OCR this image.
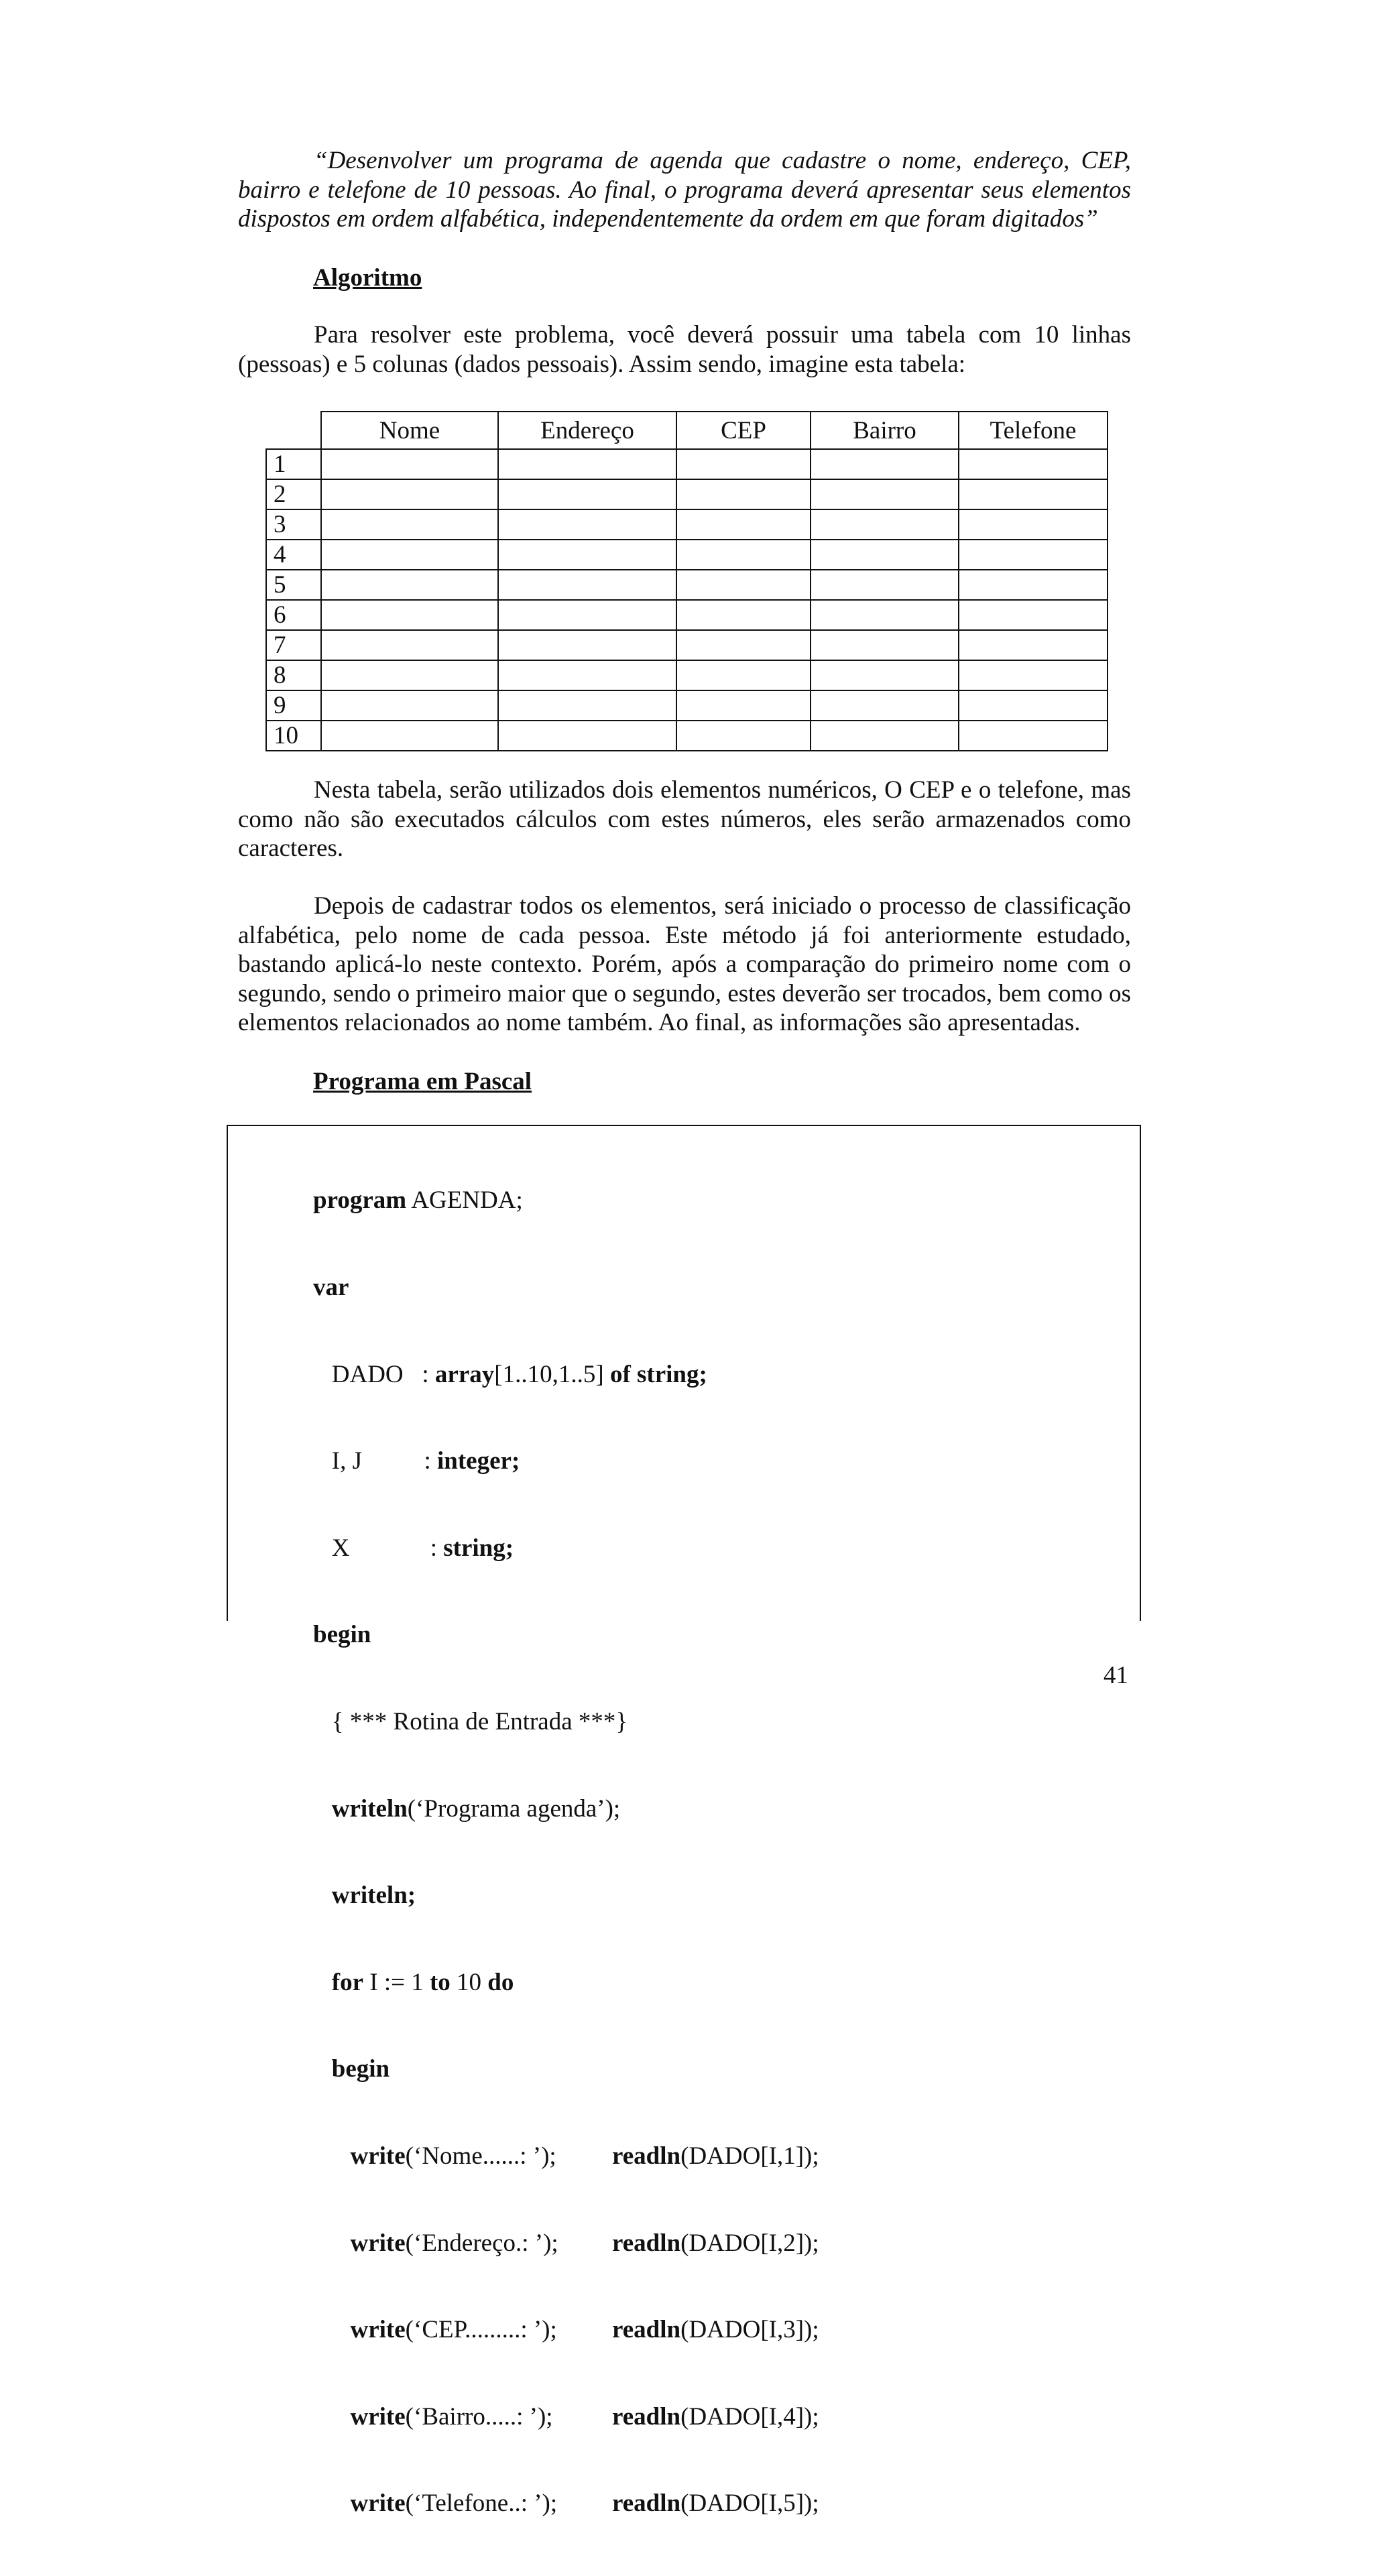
“Desenvolver um programa de agenda que cadastre o nome, endereço, CEP, bairro e telefone de 10 pessoas. Ao final, o programa deverá apresentar seus elementos dispostos em ordem alfabética, independentemente da ordem em que foram digitados”

Algoritmo

Para resolver este problema, você deverá possuir uma tabela com 10 linhas (pessoas) e 5 colunas (dados pessoais). Assim sendo, imagine esta tabela:

	Nome	Endereço	CEP	Bairro	Telefone
1					
2					
3					
4					
5					
6					
7					
8					
9					
10					

Nesta tabela, serão utilizados dois elementos numéricos, O CEP e o telefone, mas como não são executados cálculos com estes números, eles serão armazenados como caracteres.

Depois de cadastrar todos os elementos, será iniciado o processo de classificação alfabética, pelo nome de cada pessoa. Este método já foi anteriormente estudado, bastando aplicá-lo neste contexto. Porém, após a comparação do primeiro nome com o segundo, sendo o primeiro maior que o segundo, estes deverão ser trocados, bem como os elementos relacionados ao nome também. Ao final, as informações são apresentadas.

Programa em Pascal

program AGENDA;

var

DADO   : array[1..10,1..5] of string;

I, J          : integer;

X             : string;

begin

{ *** Rotina de Entrada ***}

writeln(‘Programa agenda’);

writeln;

for I := 1 to 10 do

begin

write(‘Nome......: ’); readln(DADO[I,1]);

write(‘Endereço.: ’); readln(DADO[I,2]);

write(‘CEP.........: ’); readln(DADO[I,3]);

write(‘Bairro.....: ’); readln(DADO[I,4]);

write(‘Telefone..: ’); readln(DADO[I,5]);

41
